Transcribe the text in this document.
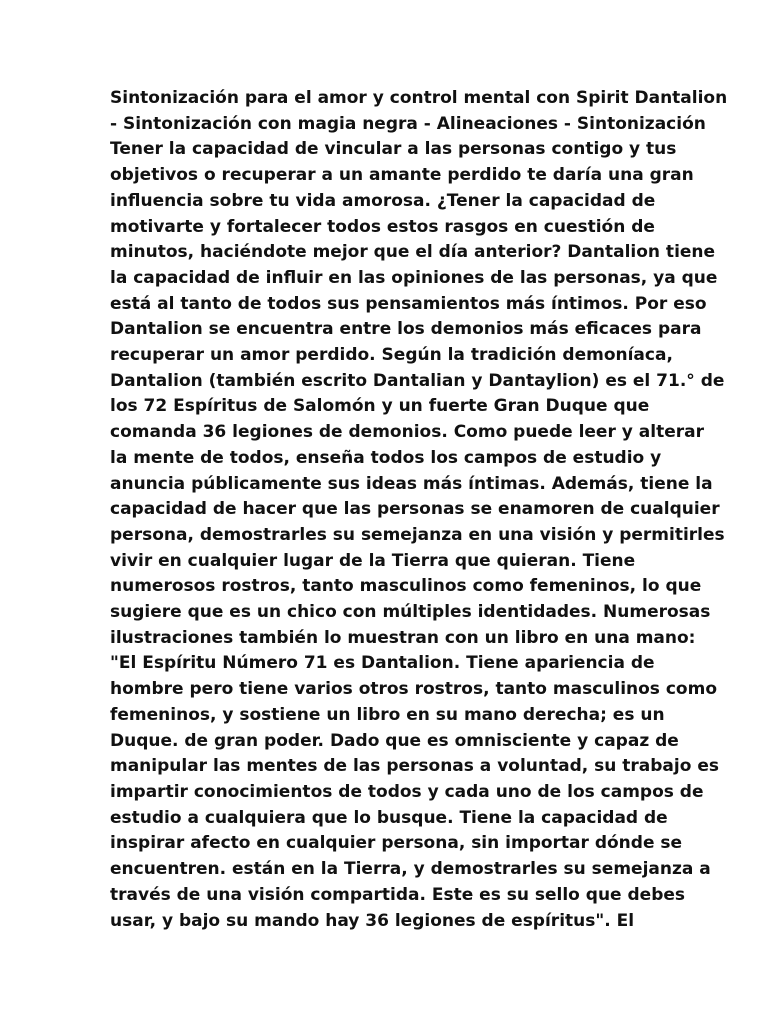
Sintonización para el amor y control mental con Spirit Dantalion
- Sintonización con magia negra - Alineaciones - Sintonización
Tener la capacidad de vincular a las personas contigo y tus
objetivos o recuperar a un amante perdido te daría una gran
influencia sobre tu vida amorosa. ¿Tener la capacidad de
motivarte y fortalecer todos estos rasgos en cuestión de
minutos, haciéndote mejor que el día anterior? Dantalion tiene
la capacidad de influir en las opiniones de las personas, ya que
está al tanto de todos sus pensamientos más íntimos. Por eso
Dantalion se encuentra entre los demonios más eficaces para
recuperar un amor perdido. Según la tradición demoníaca,
Dantalion (también escrito Dantalian y Dantaylion) es el 71.° de
los 72 Espíritus de Salomón y un fuerte Gran Duque que
comanda 36 legiones de demonios. Como puede leer y alterar
la mente de todos, enseña todos los campos de estudio y
anuncia públicamente sus ideas más íntimas. Además, tiene la
capacidad de hacer que las personas se enamoren de cualquier
persona, demostrarles su semejanza en una visión y permitirles
vivir en cualquier lugar de la Tierra que quieran. Tiene
numerosos rostros, tanto masculinos como femeninos, lo que
sugiere que es un chico con múltiples identidades. Numerosas
ilustraciones también lo muestran con un libro en una mano:
"El Espíritu Número 71 es Dantalion. Tiene apariencia de
hombre pero tiene varios otros rostros, tanto masculinos como
femeninos, y sostiene un libro en su mano derecha; es un
Duque. de gran poder. Dado que es omnisciente y capaz de
manipular las mentes de las personas a voluntad, su trabajo es
impartir conocimientos de todos y cada uno de los campos de
estudio a cualquiera que lo busque. Tiene la capacidad de
inspirar afecto en cualquier persona, sin importar dónde se
encuentren. están en la Tierra, y demostrarles su semejanza a
través de una visión compartida. Este es su sello que debes
usar, y bajo su mando hay 36 legiones de espíritus". El
